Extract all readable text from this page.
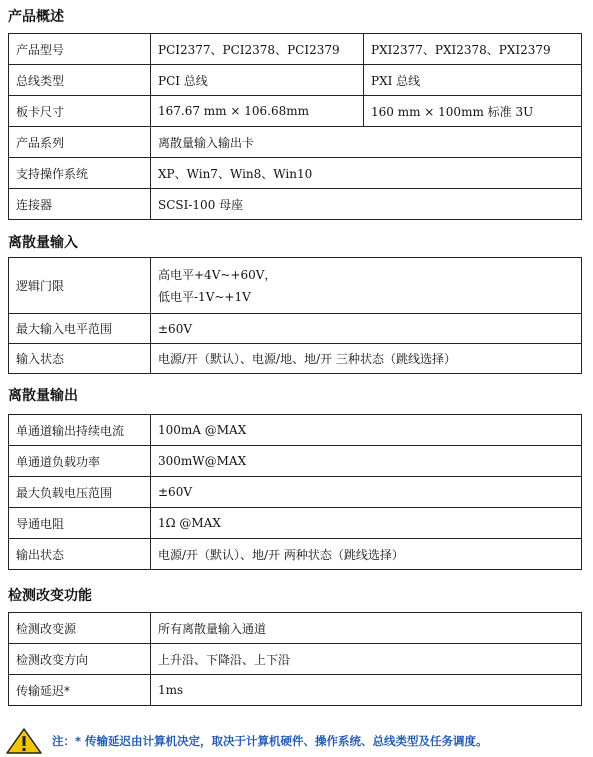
产品概述
产品型号	PCI2377、PCI2378、PCI2379	PXI2377、PXI2378、PXI2379
总线类型	PCI 总线	PXI 总线
板卡尺寸	167.67 mm × 106.68mm	160 mm × 100mm 标准 3U
产品系列	离散量输入输出卡	
支持操作系统	XP、Win7、Win8、Win10	
连接器	SCSI-100 母座	
离散量输入
逻辑门限	高电平+4V~+60V，
低电平-1V~+1V

最大输入电平范围	±60V
输入状态	电源/开（默认）、电源/地、地/开 三种状态（跳线选择）
离散量输出
单通道输出持续电流	100mA @MAX
单通道负载功率	300mW@MAX
最大负载电压范围	±60V
导通电阻	1Ω @MAX
输出状态	电源/开（默认）、地/开 两种状态（跳线选择）
检测改变功能
检测改变源	所有离散量输入通道
检测改变方向	上升沿、下降沿、上下沿
传输延迟*	1ms
注：* 传输延迟由计算机决定，取决于计算机硬件、操作系统、总线类型及任务调度。
